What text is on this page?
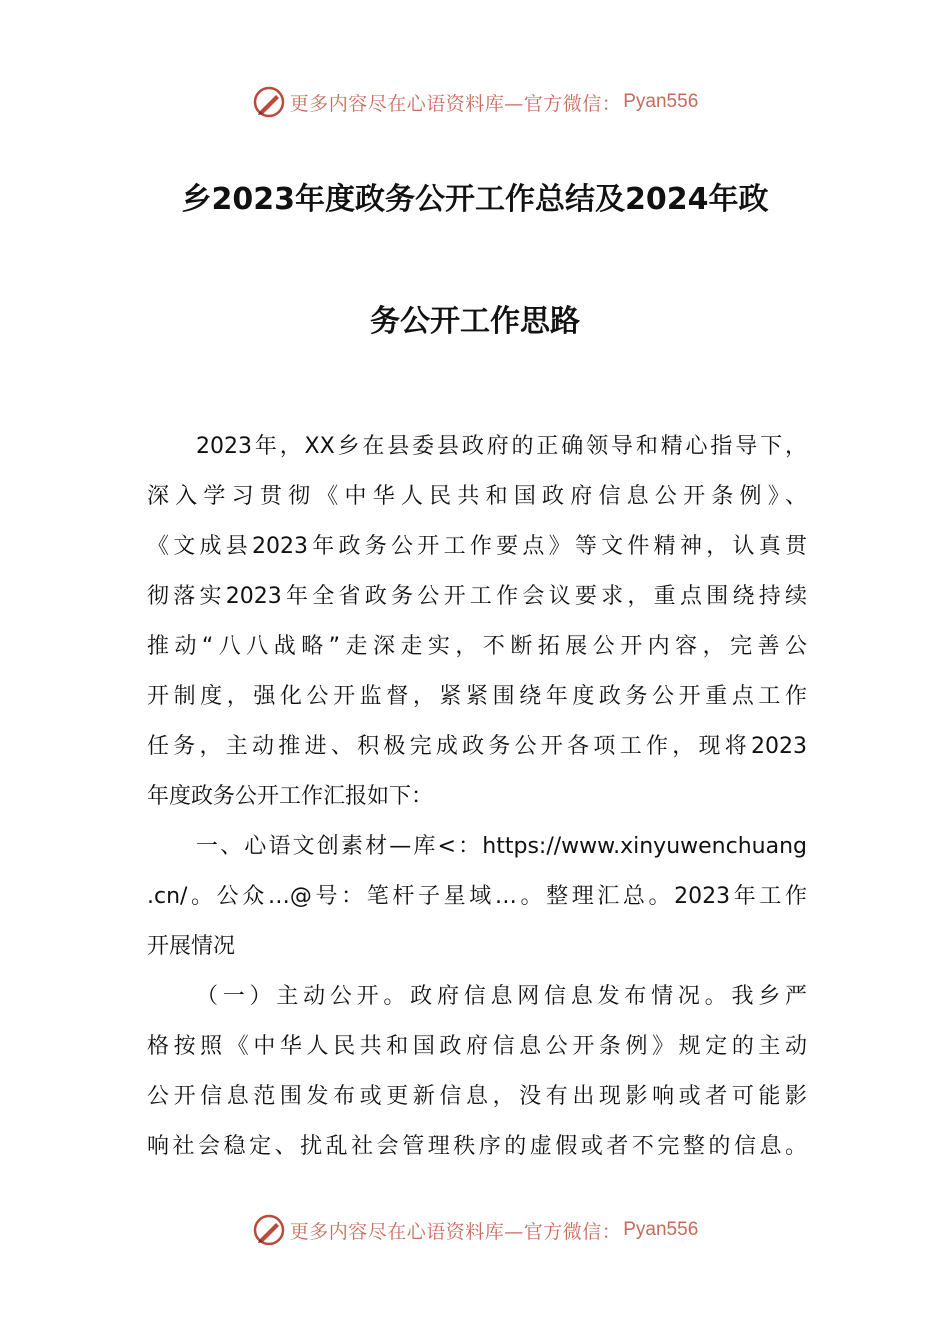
更多内容尽在心语资料库—官方微信： Pyan556
乡2023年度政务公开工作总结及2024年政
务公开工作思路
2023年，XX乡在县委县政府的正确领导和精心指导下，
深入学习贯彻《中华人民共和国政府信息公开条例》、
《文成县2023年政务公开工作要点》等文件精神，认真贯
彻落实2023年全省政务公开工作会议要求，重点围绕持续
推动“八八战略”走深走实，不断拓展公开内容，完善公
开制度，强化公开监督，紧紧围绕年度政务公开重点工作
任务，主动推进、积极完成政务公开各项工作，现将2023
年度政务公开工作汇报如下：
一、心语文创素材—库<：https://www.xinyuwenchuang
.cn/。公众…@号：笔杆子星域…。整理汇总。2023年工作
开展情况
（一）主动公开。政府信息网信息发布情况。我乡严
格按照《中华人民共和国政府信息公开条例》规定的主动
公开信息范围发布或更新信息，没有出现影响或者可能影
响社会稳定、扰乱社会管理秩序的虚假或者不完整的信息。
更多内容尽在心语资料库—官方微信： Pyan556
